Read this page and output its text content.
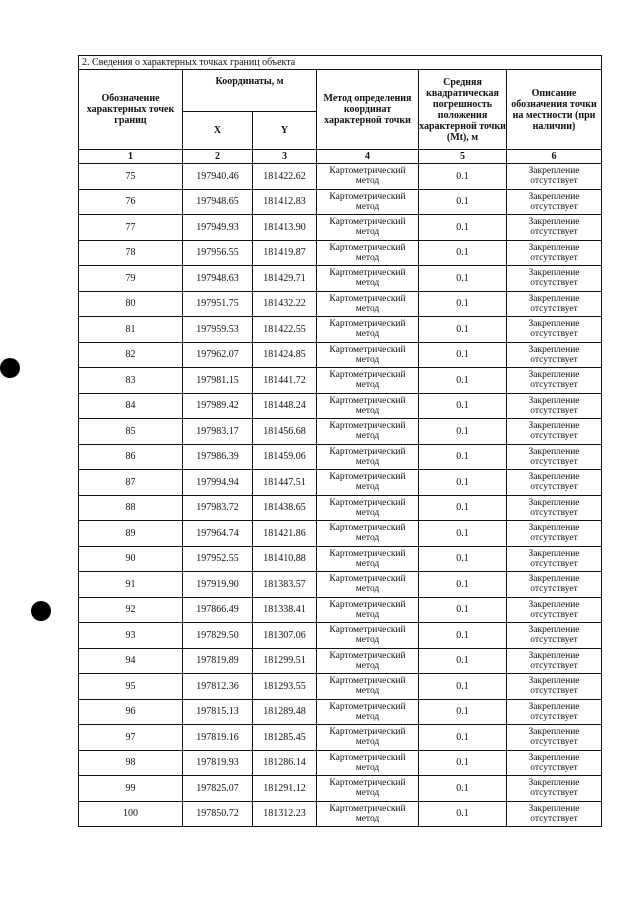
2. Сведения о характерных точках границ объекта					
Обозначение характерных точек границ	Координаты, м		Метод определения координат характерной точки	Средняя квадратическая погрешность положения характерной точки (Mt), м	Описание обозначения точки на местности (при наличии)
	X	Y			
1	2	3	4	5	6
75	197940.46	181422.62	Картометрический метод	0.1	Закрепление отсутствует
76	197948.65	181412.83	Картометрический метод	0.1	Закрепление отсутствует
77	197949.93	181413.90	Картометрический метод	0.1	Закрепление отсутствует
78	197956.55	181419.87	Картометрический метод	0.1	Закрепление отсутствует
79	197948.63	181429.71	Картометрический метод	0.1	Закрепление отсутствует
80	197951.75	181432.22	Картометрический метод	0.1	Закрепление отсутствует
81	197959.53	181422.55	Картометрический метод	0.1	Закрепление отсутствует
82	197962.07	181424.85	Картометрический метод	0.1	Закрепление отсутствует
83	197981.15	181441.72	Картометрический метод	0.1	Закрепление отсутствует
84	197989.42	181448.24	Картометрический метод	0.1	Закрепление отсутствует
85	197983.17	181456.68	Картометрический метод	0.1	Закрепление отсутствует
86	197986.39	181459.06	Картометрический метод	0.1	Закрепление отсутствует
87	197994.94	181447.51	Картометрический метод	0.1	Закрепление отсутствует
88	197983.72	181438.65	Картометрический метод	0.1	Закрепление отсутствует
89	197964.74	181421.86	Картометрический метод	0.1	Закрепление отсутствует
90	197952.55	181410.88	Картометрический метод	0.1	Закрепление отсутствует
91	197919.90	181383.57	Картометрический метод	0.1	Закрепление отсутствует
92	197866.49	181338.41	Картометрический метод	0.1	Закрепление отсутствует
93	197829.50	181307.06	Картометрический метод	0.1	Закрепление отсутствует
94	197819.89	181299.51	Картометрический метод	0.1	Закрепление отсутствует
95	197812.36	181293.55	Картометрический метод	0.1	Закрепление отсутствует
96	197815.13	181289.48	Картометрический метод	0.1	Закрепление отсутствует
97	197819.16	181285.45	Картометрический метод	0.1	Закрепление отсутствует
98	197819.93	181286.14	Картометрический метод	0.1	Закрепление отсутствует
99	197825.07	181291.12	Картометрический метод	0.1	Закрепление отсутствует
100	197850.72	181312.23	Картометрический метод	0.1	Закрепление отсутствует
